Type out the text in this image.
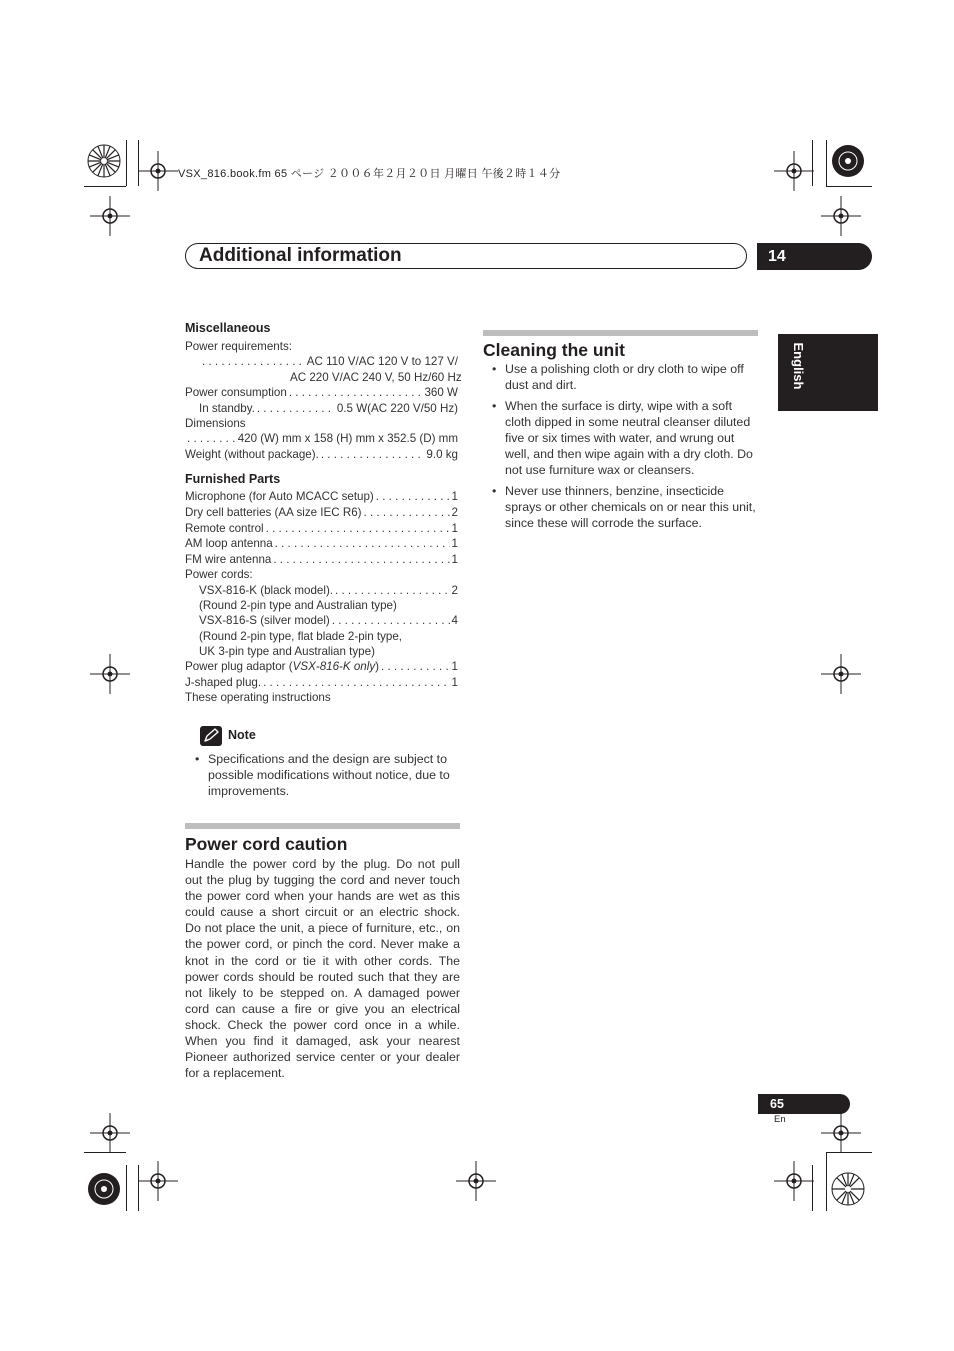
VSX_816.book.fm 65 ページ ２００６年２月２０日 月曜日 午後２時１４分
Additional information	14
English
Miscellaneous
Power requirements:
. . .
AC 110 V/AC 120 V to 127 V/
AC 220 V/AC 240 V, 50 Hz/60 Hz
Power consumption . . .	360 W
In standby. . . .	0.5 W(AC 220 V/50 Hz)
Dimensions
. . .
420 (W) mm x 158 (H) mm x 352.5 (D) mm
Weight (without package). . . .	9.0 kg
Furnished Parts
Microphone (for Auto MCACC setup) . . .	1
Dry cell batteries (AA size IEC R6) . . .	2
Remote control . . .	1
AM loop antenna . . .	1
FM wire antenna . . .	1
Power cords:
VSX-816-K (black model). . . .	2
(Round 2-pin type and Australian type)
VSX-816-S (silver model) . . .	4
(Round 2-pin type, flat blade 2-pin type,
UK 3-pin type and Australian type)
Power plug adaptor (VSX-816-K only) . . .	1
J-shaped plug. . . .	1
These operating instructions
Note
• Specifications and the design are subject to possible modifications without notice, due to improvements.
Power cord caution
Handle the power cord by the plug. Do not pull out the plug by tugging the cord and never touch the power cord when your hands are wet as this could cause a short circuit or an electric shock. Do not place the unit, a piece of furniture, etc., on the power cord, or pinch the cord. Never make a knot in the cord or tie it with other cords. The power cords should be routed such that they are not likely to be stepped on. A damaged power cord can cause a fire or give you an electrical shock. Check the power cord once in a while. When you find it damaged, ask your nearest Pioneer authorized service center or your dealer for a replacement.
Cleaning the unit
• Use a polishing cloth or dry cloth to wipe off dust and dirt.
• When the surface is dirty, wipe with a soft cloth dipped in some neutral cleanser diluted five or six times with water, and wrung out well, and then wipe again with a dry cloth. Do not use furniture wax or cleansers.
• Never use thinners, benzine, insecticide sprays or other chemicals on or near this unit, since these will corrode the surface.
65
En
